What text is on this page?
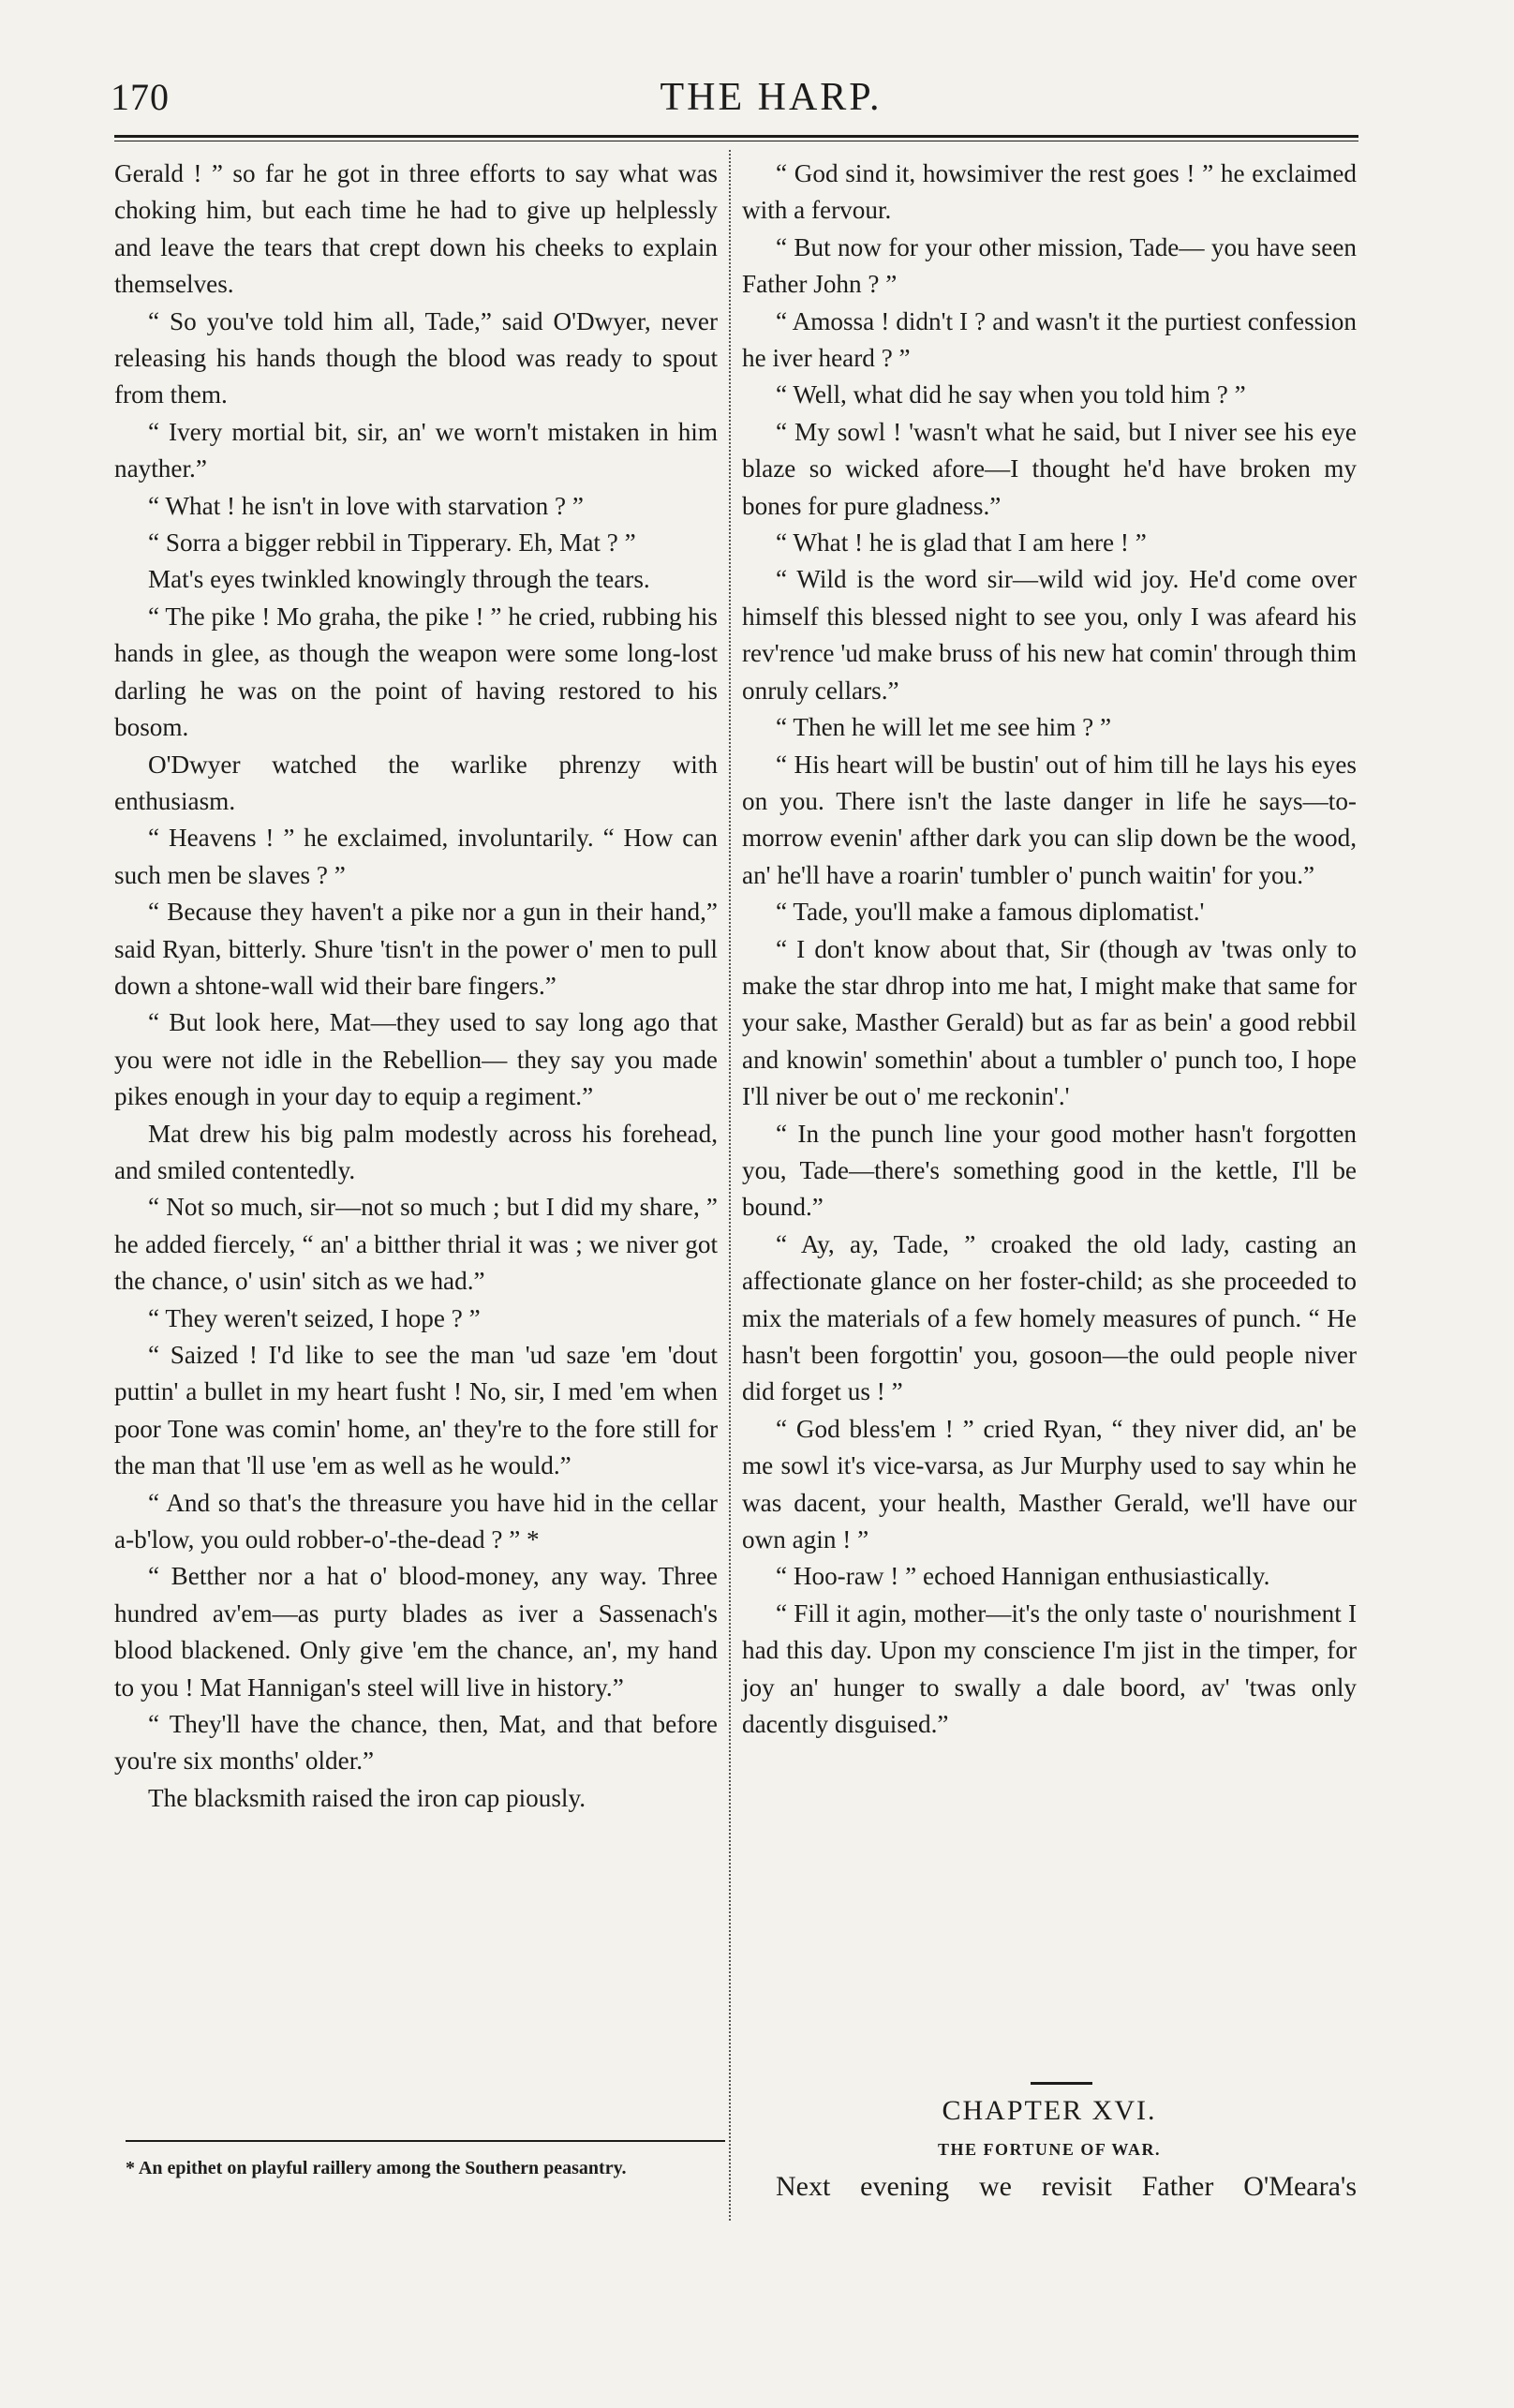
170	THE HARP.

Gerald ! ” so far he got in three efforts to say what was choking him, but each time he had to give up helplessly and leave the tears that crept down his cheeks to explain themselves.

“ So you've told him all, Tade,” said O'Dwyer, never releasing his hands though the blood was ready to spout from them.

“ Ivery mortial bit, sir, an' we worn't mistaken in him nayther.”

“ What ! he isn't in love with starvation ? ”

“ Sorra a bigger rebbil in Tipperary. Eh, Mat ? ”

Mat's eyes twinkled knowingly through the tears.

“ The pike ! Mo graha, the pike ! ” he cried, rubbing his hands in glee, as though the weapon were some long-lost darling he was on the point of having restored to his bosom.

O'Dwyer watched the warlike phrenzy with enthusiasm.

“ Heavens ! ” he exclaimed, involuntarily. “ How can such men be slaves ? ”

“ Because they haven't a pike nor a gun in their hand,” said Ryan, bitterly. Shure 'tisn't in the power o' men to pull down a shtone-wall wid their bare fingers.”

“ But look here, Mat—they used to say long ago that you were not idle in the Rebellion— they say you made pikes enough in your day to equip a regiment.”

Mat drew his big palm modestly across his forehead, and smiled contentedly.

“ Not so much, sir—not so much ; but I did my share, ” he added fiercely, “ an' a bitther thrial it was ; we niver got the chance, o' usin' sitch as we had.”

“ They weren't seized, I hope ? ”

“ Saized ! I'd like to see the man 'ud saze 'em 'dout puttin' a bullet in my heart fusht ! No, sir, I med 'em when poor Tone was comin' home, an' they're to the fore still for the man that 'll use 'em as well as he would.”

“ And so that's the threasure you have hid in the cellar a-b'low, you ould robber-o'-the-dead ? ” *

“ Betther nor a hat o' blood-money, any way. Three hundred av'em—as purty blades as iver a Sassenach's blood blackened. Only give 'em the chance, an', my hand to you ! Mat Hannigan's steel will live in history.”

“ They'll have the chance, then, Mat, and that before you're six months' older.”

The blacksmith raised the iron cap piously.

* An epithet on playful raillery among the Southern peasantry.

“ God sind it, howsimiver the rest goes ! ” he exclaimed with a fervour.

“ But now for your other mission, Tade— you have seen Father John ? ”

“ Amossa ! didn't I ? and wasn't it the purtiest confession he iver heard ? ”

“ Well, what did he say when you told him ? ”

“ My sowl ! 'wasn't what he said, but I niver see his eye blaze so wicked afore—I thought he'd have broken my bones for pure gladness.”

“ What ! he is glad that I am here ! ”

“ Wild is the word sir—wild wid joy. He'd come over himself this blessed night to see you, only I was afeard his rev'rence 'ud make bruss of his new hat comin' through thim onruly cellars.”

“ Then he will let me see him ? ”

“ His heart will be bustin' out of him till he lays his eyes on you. There isn't the laste danger in life he says—to-morrow evenin' afther dark you can slip down be the wood, an' he'll have a roarin' tumbler o' punch waitin' for you.”

“ Tade, you'll make a famous diplomatist.'

“ I don't know about that, Sir (though av 'twas only to make the star dhrop into me hat, I might make that same for your sake, Masther Gerald) but as far as bein' a good rebbil and knowin' somethin' about a tumbler o' punch too, I hope I'll niver be out o' me reckonin'.'

“ In the punch line your good mother hasn't forgotten you, Tade—there's something good in the kettle, I'll be bound.”

“ Ay, ay, Tade, ” croaked the old lady, casting an affectionate glance on her foster-child; as she proceeded to mix the materials of a few homely measures of punch. “ He hasn't been forgottin' you, gosoon—the ould people niver did forget us ! ”

“ God bless'em ! ” cried Ryan, “ they niver did, an' be me sowl it's vice-varsa, as Jur Murphy used to say whin he was dacent, your health, Masther Gerald, we'll have our own agin ! ”

“ Hoo-raw ! ” echoed Hannigan enthusiastically.

“ Fill it agin, mother—it's the only taste o' nourishment I had this day. Upon my conscience I'm jist in the timper, for joy an' hunger to swally a dale boord, av' 'twas only dacently disguised.”

CHAPTER XVI.
THE FORTUNE OF WAR.
Next evening we revisit Father O'Meara's
